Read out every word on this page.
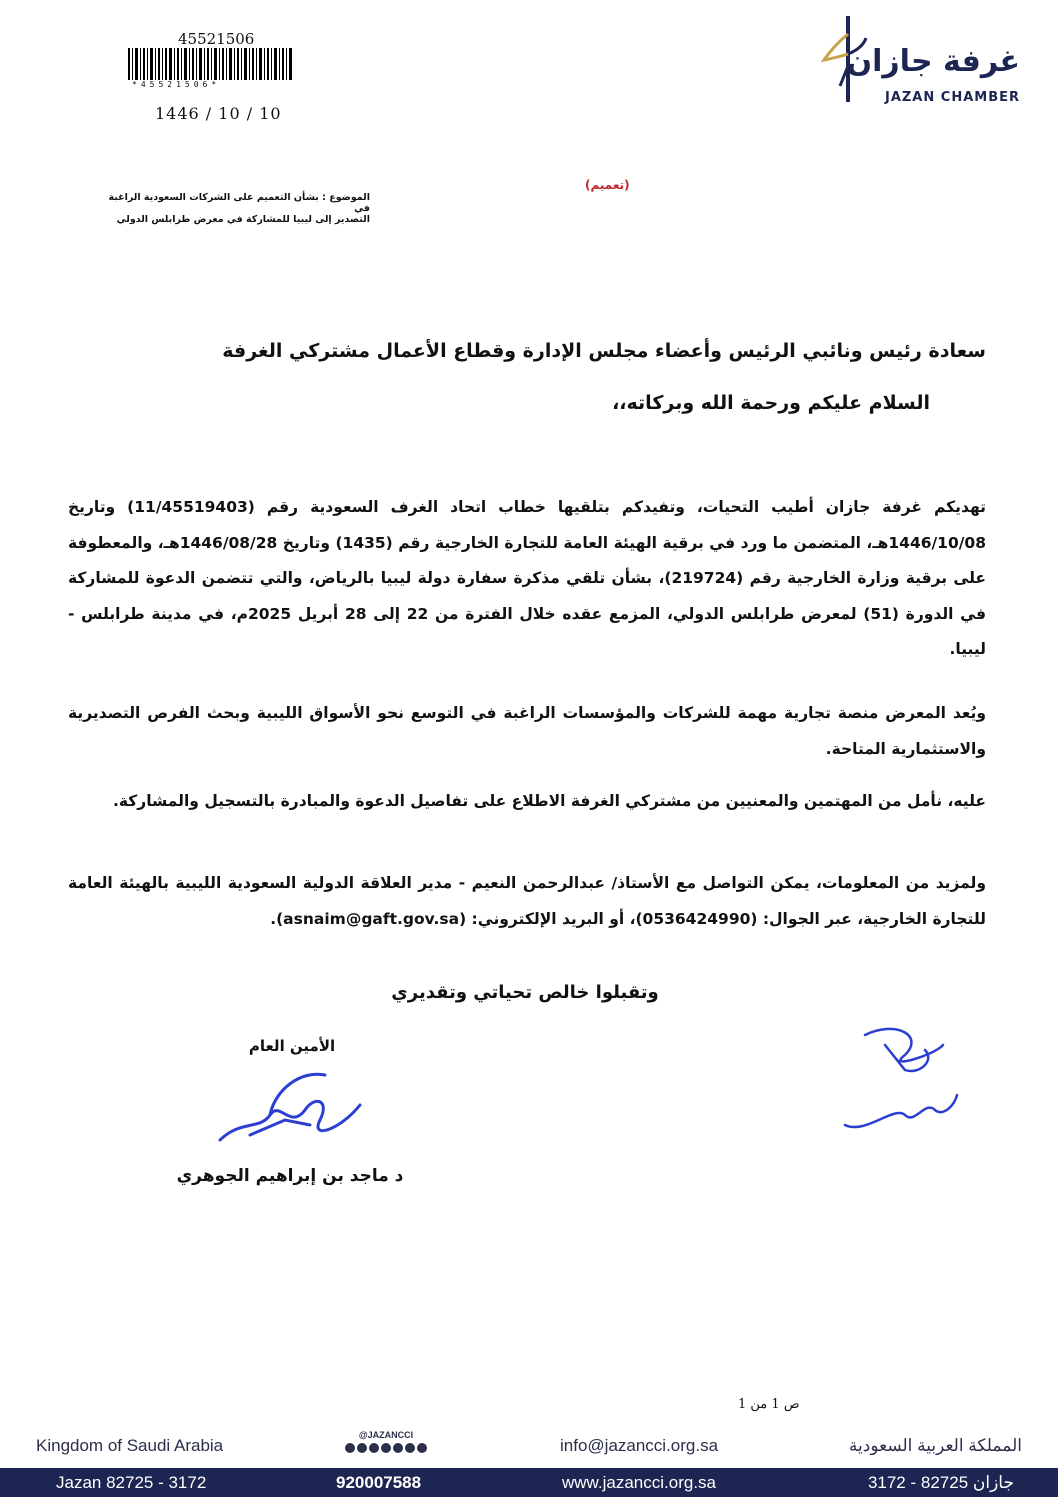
45521506
*45521506*
1446 / 10 / 10
غرفة جازان
JAZAN CHAMBER
(تعميم)
الموضوع : بشأن التعميم على الشركات السعودية الراغبة في
التصدير إلى ليبيا للمشاركة في معرض طرابلس الدولي
سعادة رئيس ونائبي الرئيس وأعضاء مجلس الإدارة وقطاع الأعمال مشتركي الغرفة
السلام عليكم ورحمة الله وبركاته،،
تهديكم غرفة جازان أطيب التحيات، وتفيدكم بتلقيها خطاب اتحاد الغرف السعودية رقم (11/45519403) وتاريخ 1446/10/08هـ، المتضمن ما ورد في برقية الهيئة العامة للتجارة الخارجية رقم (1435) وتاريخ 1446/08/28هـ، والمعطوفة على برقية وزارة الخارجية رقم (219724)، بشأن تلقي مذكرة سفارة دولة ليبيا بالرياض، والتي تتضمن الدعوة للمشاركة في الدورة (51) لمعرض طرابلس الدولي، المزمع عقده خلال الفترة من 22 إلى 28 أبريل 2025م، في مدينة طرابلس - ليبيا.
ويُعد المعرض منصة تجارية مهمة للشركات والمؤسسات الراغبة في التوسع نحو الأسواق الليبية وبحث الفرص التصديرية والاستثمارية المتاحة.
عليه، نأمل من المهتمين والمعنيين من مشتركي الغرفة الاطلاع على تفاصيل الدعوة والمبادرة بالتسجيل والمشاركة.
ولمزيد من المعلومات، يمكن التواصل مع الأستاذ/ عبدالرحمن النعيم - مدير العلاقة الدولية السعودية الليبية بالهيئة العامة للتجارة الخارجية، عبر الجوال: (0536424990)، أو البريد الإلكتروني: (asnaim@gaft.gov.sa).
وتقبلوا خالص تحياتي وتقديري
الأمين العام
د ماجد بن إبراهيم الجوهري
ص 1 من 1
Kingdom of Saudi Arabia
@JAZANCCI
info@jazancci.org.sa	المملكة العربية السعودية
Jazan 82725 - 3172	920007588	www.jazancci.org.sa	جازان 82725 - 3172
